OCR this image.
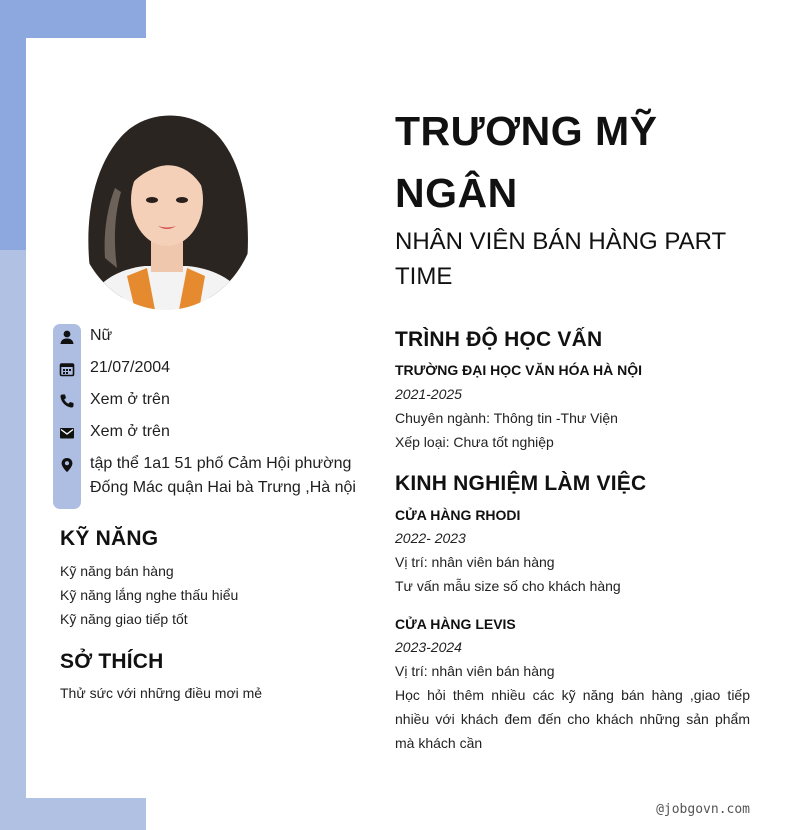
Nữ
21/07/2004
Xem ở trên
Xem ở trên
tập thể 1a1 51 phố Cảm Hội phường Đống Mác quận Hai bà Trưng ,Hà nội
KỸ NĂNG
Kỹ năng bán hàng
Kỹ năng lắng nghe thấu hiểu
Kỹ năng giao tiếp tốt
SỞ THÍCH
Thử sức với những điều mơi mẻ
TRƯƠNG MỸ NGÂN
NHÂN VIÊN BÁN HÀNG PART TIME
TRÌNH ĐỘ HỌC VẤN
TRƯỜNG ĐẠI HỌC VĂN HÓA HÀ NỘI
2021-2025
Chuyên ngành: Thông tin -Thư Viện
Xếp loại: Chưa tốt nghiệp
KINH NGHIỆM LÀM VIỆC
CỬA HÀNG RHODI
2022- 2023
Vị trí: nhân viên bán hàng
Tư vấn mẫu size số cho khách hàng
CỬA HÀNG LEVIS
2023-2024
Vị trí: nhân viên bán hàng
Học hỏi thêm nhiều các kỹ năng bán hàng ,giao tiếp nhiều với khách đem đến cho khách những sản phẩm mà khách cần
@jobgovn.com
